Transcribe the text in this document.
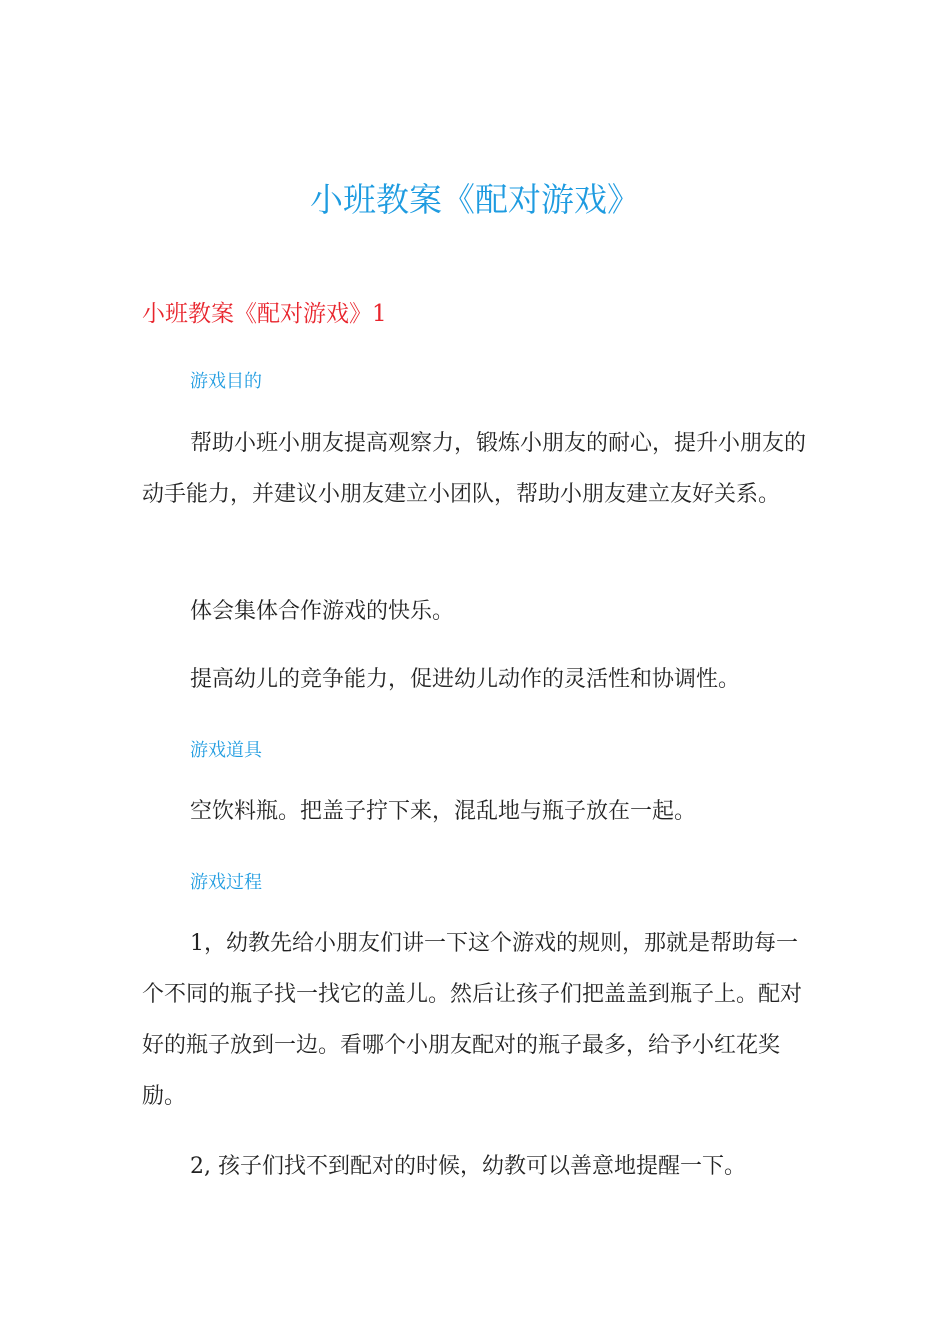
小班教案《配对游戏》
小班教案《配对游戏》1
游戏目的

帮助小班小朋友提高观察力，锻炼小朋友的耐心，提升小朋友的动手能力，并建议小朋友建立小团队，帮助小朋友建立友好关系。

体会集体合作游戏的快乐。

提高幼儿的竞争能力，促进幼儿动作的灵活性和协调性。

游戏道具

空饮料瓶。把盖子拧下来，混乱地与瓶子放在一起。

游戏过程

1，幼教先给小朋友们讲一下这个游戏的规则，那就是帮助每一个不同的瓶子找一找它的盖儿。然后让孩子们把盖盖到瓶子上。配对好的瓶子放到一边。看哪个小朋友配对的瓶子最多，给予小红花奖励。

2, 孩子们找不到配对的时候，幼教可以善意地提醒一下。
